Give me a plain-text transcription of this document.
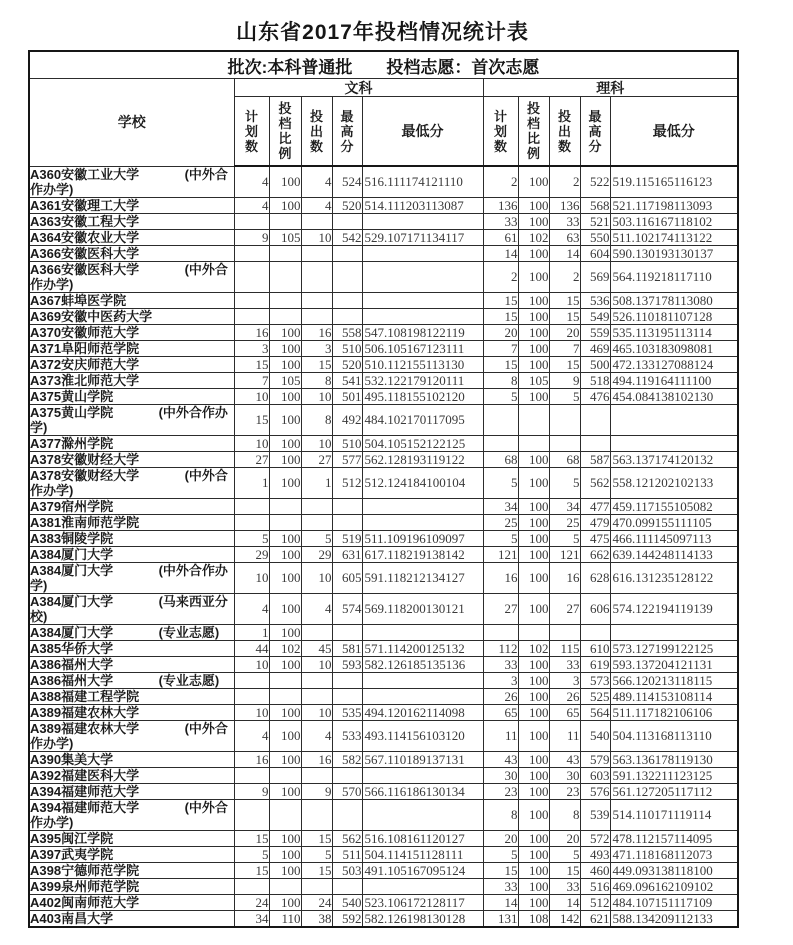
山东省2017年投档情况统计表
批次:本科普通批 投档志愿：首次志愿										
学校	文科					理科				

	计划数	投档比例	投出数	最高分	最低分	计划数	投档比例	投出数	最高分	最低分
A360安徽工业大学 (中外合作办学)	4	100	4	524	516.111174121110	2	100	2	522	519.115165116123
A361安徽理工大学	4	100	4	520	514.111203113087	136	100	136	568	521.117198113093
A363安徽工程大学						33	100	33	521	503.116167118102
A364安徽农业大学	9	105	10	542	529.107171134117	61	102	63	550	511.102174113122
A366安徽医科大学						14	100	14	604	590.130193130137
A366安徽医科大学 (中外合作办学)						2	100	2	569	564.119218117110
A367蚌埠医学院						15	100	15	536	508.137178113080
A369安徽中医药大学						15	100	15	549	526.110181107128
A370安徽师范大学	16	100	16	558	547.108198122119	20	100	20	559	535.113195113114
A371阜阳师范学院	3	100	3	510	506.105167123111	7	100	7	469	465.103183098081
A372安庆师范大学	15	100	15	520	510.112155113130	15	100	15	500	472.133127088124
A373淮北师范大学	7	105	8	541	532.122179120111	8	105	9	518	494.119164111100
A375黄山学院	10	100	10	501	495.118155102120	5	100	5	476	454.084138102130
A375黄山学院 (中外合作办学)	15	100	8	492	484.102170117095					
A377滁州学院	10	100	10	510	504.105152122125					
A378安徽财经大学	27	100	27	577	562.128193119122	68	100	68	587	563.137174120132
A378安徽财经大学 (中外合作办学)	1	100	1	512	512.124184100104	5	100	5	562	558.121202102133
A379宿州学院						34	100	34	477	459.117155105082
A381淮南师范学院						25	100	25	479	470.099155111105
A383铜陵学院	5	100	5	519	511.109196109097	5	100	5	475	466.111145097113
A384厦门大学	29	100	29	631	617.118219138142	121	100	121	662	639.144248114133
A384厦门大学 (中外合作办学)	10	100	10	605	591.118212134127	16	100	16	628	616.131235128122
A384厦门大学 (马来西亚分校)	4	100	4	574	569.118200130121	27	100	27	606	574.122194119139
A384厦门大学 (专业志愿)	1	100								
A385华侨大学	44	102	45	581	571.114200125132	112	102	115	610	573.127199122125
A386福州大学	10	100	10	593	582.126185135136	33	100	33	619	593.137204121131
A386福州大学 (专业志愿)						3	100	3	573	566.120213118115
A388福建工程学院						26	100	26	525	489.114153108114
A389福建农林大学	10	100	10	535	494.120162114098	65	100	65	564	511.117182106106
A389福建农林大学 (中外合作办学)	4	100	4	533	493.114156103120	11	100	11	540	504.113168113110
A390集美大学	16	100	16	582	567.110189137131	43	100	43	579	563.136178119130
A392福建医科大学						30	100	30	603	591.132211123125
A394福建师范大学	9	100	9	570	566.116186130134	23	100	23	576	561.127205117112
A394福建师范大学 (中外合作办学)						8	100	8	539	514.110171119114
A395闽江学院	15	100	15	562	516.108161120127	20	100	20	572	478.112157114095
A397武夷学院	5	100	5	511	504.114151128111	5	100	5	493	471.118168112073
A398宁德师范学院	15	100	15	503	491.105167095124	15	100	15	460	449.093138118100
A399泉州师范学院						33	100	33	516	469.096162109102
A402闽南师范大学	24	100	24	540	523.106172128117	14	100	14	512	484.107151117109
A403南昌大学	34	110	38	592	582.126198130128	131	108	142	621	588.134209112133
